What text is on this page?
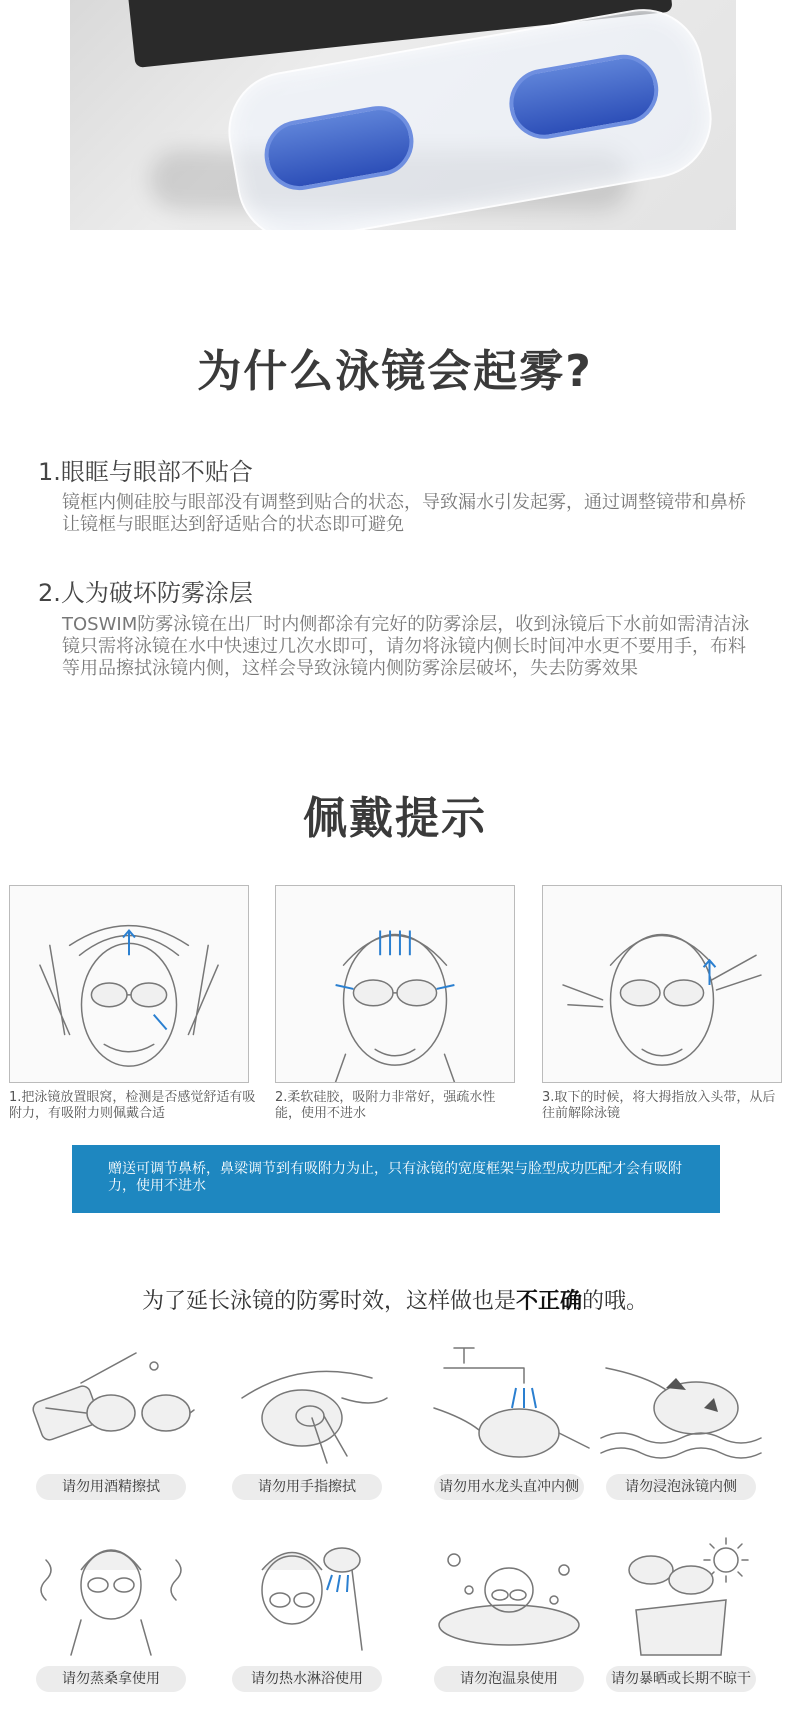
为什么泳镜会起雾?
1.眼眶与眼部不贴合
镜框内侧硅胶与眼部没有调整到贴合的状态，导致漏水引发起雾，通过调整镜带和鼻桥让镜框与眼眶达到舒适贴合的状态即可避免
2.人为破坏防雾涂层
TOSWIM防雾泳镜在出厂时内侧都涂有完好的防雾涂层，收到泳镜后下水前如需清洁泳镜只需将泳镜在水中快速过几次水即可，请勿将泳镜内侧长时间冲水更不要用手，布料等用品擦拭泳镜内侧，这样会导致泳镜内侧防雾涂层破坏，失去防雾效果
佩戴提示
1.把泳镜放置眼窝，检测是否感觉舒适有吸附力，有吸附力则佩戴合适
2.柔软硅胶，吸附力非常好，强疏水性能，使用不进水
3.取下的时候，将大拇指放入头带，从后往前解除泳镜
赠送可调节鼻桥，鼻梁调节到有吸附力为止，只有泳镜的宽度框架与脸型成功匹配才会有吸附力，使用不进水
为了延长泳镜的防雾时效，这样做也是不正确的哦。
请勿用酒精擦拭	请勿用手指擦拭	请勿用水龙头直冲内侧	请勿浸泡泳镜内侧
请勿蒸桑拿使用	请勿热水淋浴使用	请勿泡温泉使用	请勿暴晒或长期不晾干
